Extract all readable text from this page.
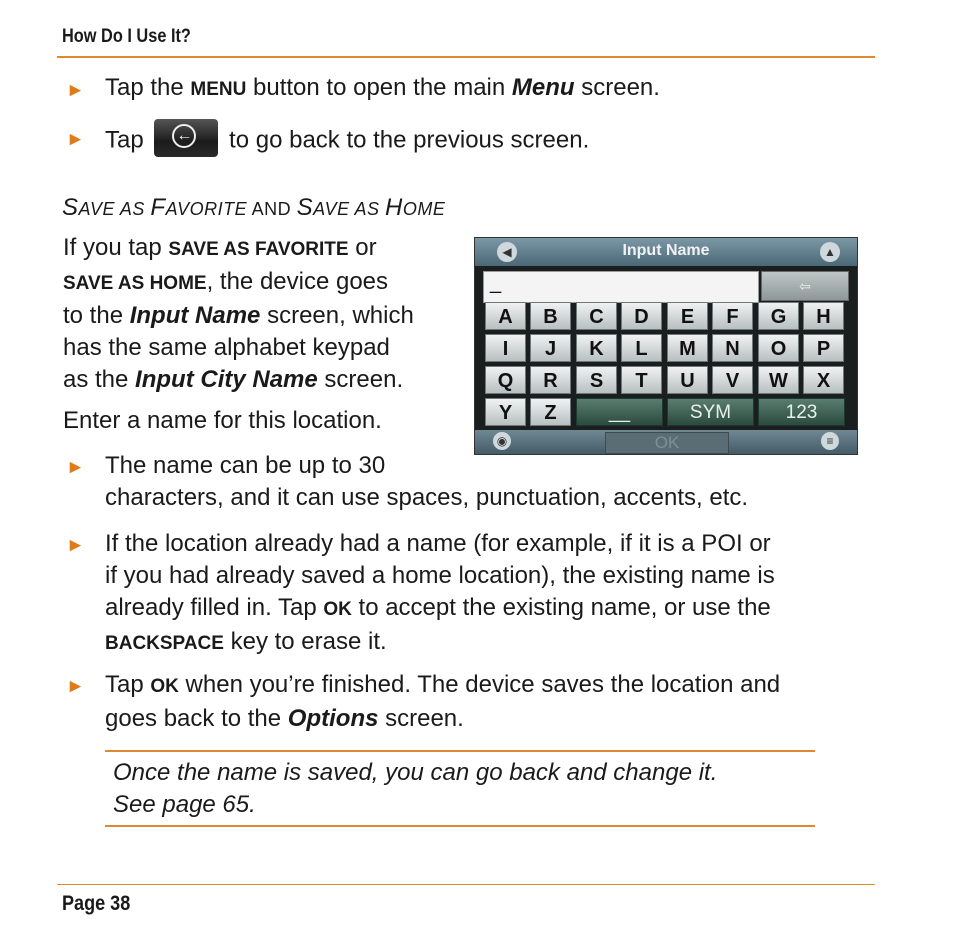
How Do I Use It?
► Tap the MENU button to open the main Menu screen.
► Tap ← to go back to the previous screen.
SAVE AS FAVORITE AND SAVE AS HOME
If you tap SAVE AS FAVORITE or
SAVE AS HOME, the device goes
to the Input Name screen, which
has the same alphabet keypad
as the Input City Name screen.
Enter a name for this location.
◀	Input Name	▲
_	⇦
A	B	C	D	E	F	G	H
I	J	K	L	M	N	O	P
Q	R	S	T	U	V	W	X
Y	Z	__	SYM	123
◉	OK	≡
► The name can be up to 30
characters, and it can use spaces, punctuation, accents, etc.
► If the location already had a name (for example, if it is a POI or
if you had already saved a home location), the existing name is
already filled in. Tap OK to accept the existing name, or use the
BACKSPACE key to erase it.
► Tap OK when you’re finished. The device saves the location and
goes back to the Options screen.
Once the name is saved, you can go back and change it.
See page 65.
Page 38
